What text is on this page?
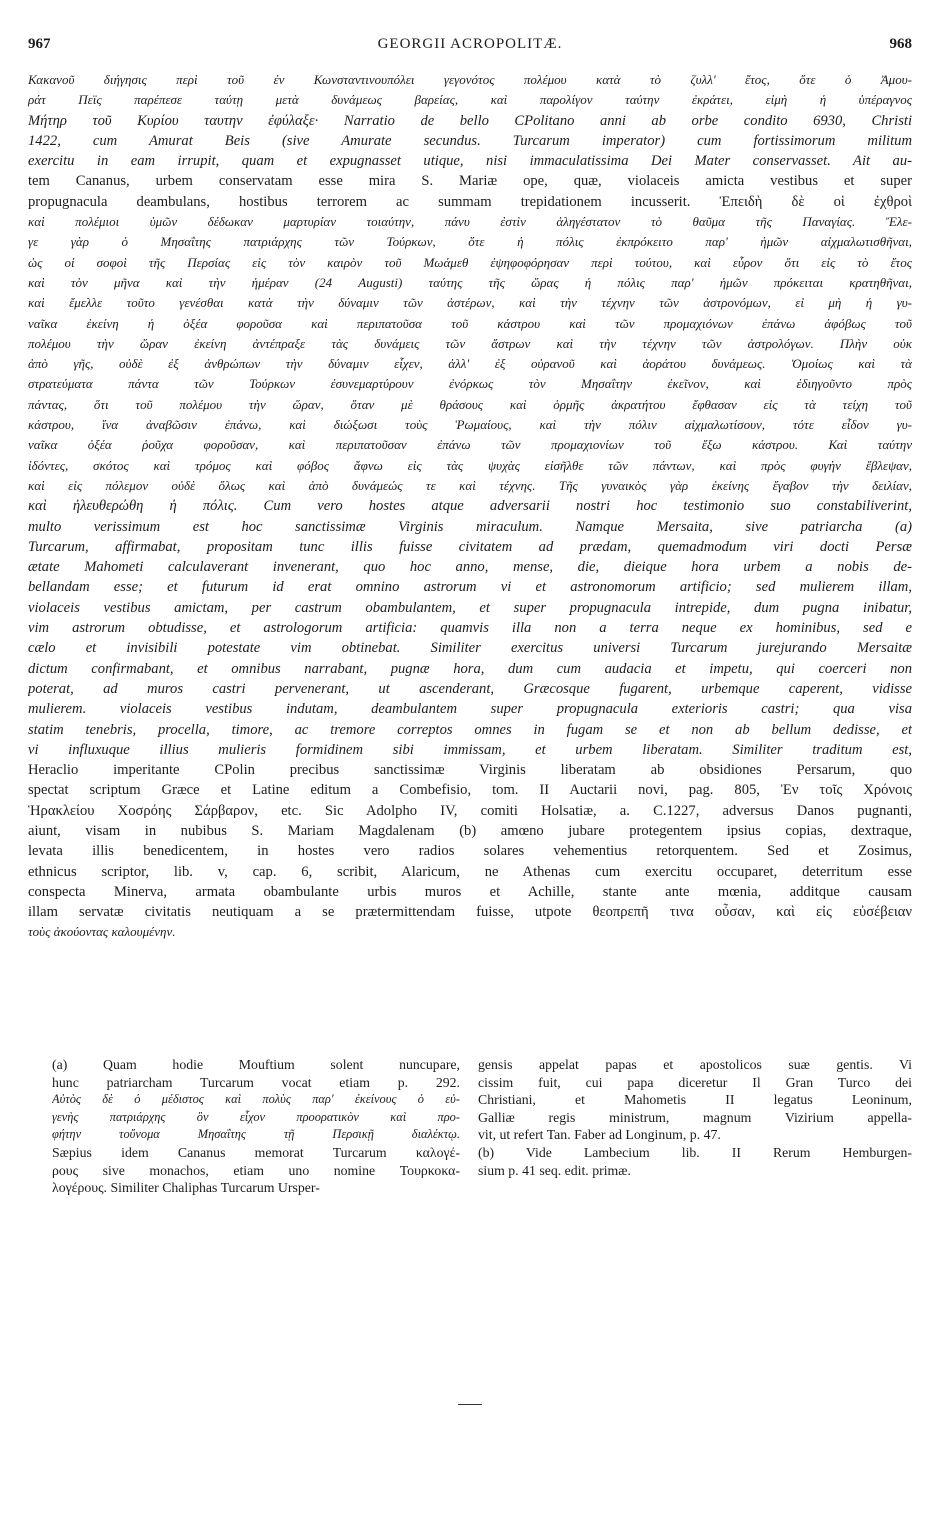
967	GEORGII ACROPOLITÆ.	968
Κακανοῦ διήγησις περὶ τοῦ ἐν Κωνσταντινουπόλει γεγονότος πολέμου κατὰ τὸ ζυλλ' ἔτος, ὅτε ὁ Ἀμου-
ράτ Πεϊς παρέπεσε ταύτῃ μετὰ δυνάμεως βαρείας, καὶ παρολίγον ταύτην ἐκράτει, εἰμὴ ἡ ὑπέραγνος
Μήτηρ τοῦ Κυρίου ταυτην ἐφύλαξε· Narratio de bello CPolitano anni ab orbe condito 6930, Christi
1422, cum Amurat Beis (sive Amurate secundus. Turcarum imperator) cum fortissimorum militum
exercitu in eam irrupit, quam et expugnasset utique, nisi immaculatissima Dei Mater conservasset. Ait au-
tem Cananus, urbem conservatam esse mira S. Mariæ ope, quæ, violaceis amicta vestibus et super
propugnacula deambulans, hostibus terrorem ac summam trepidationem incusserit. Ἐπειδὴ δὲ οἱ ἐχθροὶ
καὶ πολέμιοι ὑμῶν δέδωκαν μαρτυρίαν τοιαύτην, πάνυ ἐστὶν ἀληγέστατον τὸ θαῦμα τῆς Παναγίας. Ἔλε-
γε γὰρ ὁ Μησαΐτης πατριάρχης τῶν Τούρκων, ὅτε ἡ πόλις ἐκπρόκειτο παρ' ἡμῶν αἰχμαλωτισθῆναι,
ὡς οἱ σοφοὶ τῆς Περσίας εἰς τὸν καιρὸν τοῦ Μωάμεθ ἐψηφοφόρησαν περὶ τούτου, καὶ εὗρον ὅτι εἰς τὸ ἔτος
καὶ τὸν μῆνα καὶ τὴν ἡμέραν (24 Augusti) ταύτης τῆς ὥρας ἡ πόλις παρ' ἡμῶν πρόκειται κρατηθῆναι,
καὶ ἔμελλε τοῦτο γενέσθαι κατὰ τὴν δύναμιν τῶν ἀστέρων, καὶ τὴν τέχνην τῶν ἀστρονόμων, εἰ μὴ ἡ γυ-
ναῖκα ἐκείνη ἡ ὀξέα φοροῦσα καὶ περιπατοῦσα τοῦ κάστρου καὶ τῶν προμαχιόνων ἐπάνω ἀφόβως τοῦ
πολέμου τὴν ὥραν ἐκείνη ἀντέπραξε τὰς δυνάμεις τῶν ἄστρων καὶ τὴν τέχνην τῶν ἀστρολόγων. Πλὴν οὐκ
ἀπὸ γῆς, οὐδὲ ἐξ ἀνθρώπων τὴν δύναμιν εἶχεν, ἀλλ' ἐξ οὐρανοῦ καὶ ἀοράτου δυνάμεως. Ὁμοίως καὶ τὰ
στρατεύματα πάντα τῶν Τούρκων ἐσυνεμαρτύρουν ἐνόρκως τὸν Μησαΐτην ἐκεῖνον, καὶ ἐδιηγοῦντο πρὸς
πάντας, ὅτι τοῦ πολέμου τὴν ὥραν, ὅταν μὲ θράσους καὶ ὁρμῆς ἀκρατήτου ἔφθασαν εἰς τὰ τείχη τοῦ
κάστρου, ἵνα ἀναβῶσιν ἐπάνω, καὶ διώξωσι τοὺς Ῥωμαίους, καὶ τὴν πόλιν αἰχμαλωτίσουν, τότε εἶδον γυ-
ναῖκα ὀξέα ῥοῦχα φοροῦσαν, καὶ περιπατοῦσαν ἐπάνω τῶν προμαχιονίων τοῦ ἔξω κάστρου. Καὶ ταύτην
ἰδόντες, σκότος καὶ τρόμος καὶ φόβος ἄφνω εἰς τὰς ψυχὰς εἰσῆλθε τῶν πάντων, καὶ πρὸς φυγὴν ἔβλεψαν,
καὶ εἰς πόλεμον οὐδὲ ὅλως καὶ ἀπὸ δυνάμεώς τε καὶ τέχνης. Τῆς γυναικὸς γὰρ ἐκείνης ἔγαβον τὴν δειλίαν,
καὶ ἠλευθερώθη ἡ πόλις. Cum vero hostes atque adversarii nostri hoc testimonio suo constabiliverint,
multo verissimum est hoc sanctissimæ Virginis miraculum. Namque Mersaita, sive patriarcha (a)
Turcarum, affirmabat, propositam tunc illis fuisse civitatem ad prædam, quemadmodum viri docti Persæ
ætate Mahometi calculaverant invenerant, quo hoc anno, mense, die, dieique hora urbem a nobis de-
bellandam esse; et futurum id erat omnino astrorum vi et astronomorum artificio; sed mulierem illam,
violaceis vestibus amictam, per castrum obambulantem, et super propugnacula intrepide, dum pugna inibatur,
vim astrorum obtudisse, et astrologorum artificia: quamvis illa non a terra neque ex hominibus, sed e
cælo et invisibili potestate vim obtinebat. Similiter exercitus universi Turcarum jurejurando Mersaitæ
dictum confirmabant, et omnibus narrabant, pugnæ hora, dum cum audacia et impetu, qui coerceri non
poterat, ad muros castri pervenerant, ut ascenderant, Græcosque fugarent, urbemque caperent, vidisse
mulierem. violaceis vestibus indutam, deambulantem super propugnacula exterioris castri; qua visa
statim tenebris, procella, timore, ac tremore correptos omnes in fugam se et non ab bellum dedisse, et
vi influxuque illius mulieris formidinem sibi immissam, et urbem liberatam. Similiter traditum est,
Heraclio imperitante CPolin precibus sanctissimæ Virginis liberatam ab obsidiones Persarum, quo
spectat scriptum Græce et Latine editum a Combefisio, tom. II Auctarii novi, pag. 805, Ἐν τοῖς Χρόνοις
Ἡρακλείου Χοσρόης Σάρβαρον, etc. Sic Adolpho IV, comiti Holsatiæ, a. C.1227, adversus Danos pugnanti,
aiunt, visam in nubibus S. Mariam Magdalenam (b) amœno jubare protegentem ipsius copias, dextraque,
levata illis benedicentem, in hostes vero radios solares vehementius retorquentem. Sed et Zosimus,
ethnicus scriptor, lib. v, cap. 6, scribit, Alaricum, ne Athenas cum exercitu occuparet, deterritum esse
conspecta Minerva, armata obambulante urbis muros et Achille, stante ante mœnia, additque causam
illam servatæ civitatis neutiquam a se prætermittendam fuisse, utpote θεοπρεπῆ τινα οὖσαν, καὶ εἰς εὐσέβειαν
τοὺς ἀκούοντας καλουμένην.
(a) Quam hodie Mouftium solent nuncupare,
hunc patriarcham Turcarum vocat etiam p. 292.
Αὐτὸς δὲ ὁ μέδιστος καὶ πολὺς παρ' ἐκείνους ὁ εὐ-
γενὴς πατριάρχης ὃν εἶχον προορατικὸν καὶ προ-
φήτην τοὔνομα Μησαΐτης τῇ Περσικῇ διαλέκτῳ.
Sæpius idem Cananus memorat Turcarum καλογέ-
ρους sive monachos, etiam uno nomine Τουρκοκα-
λογέρους. Similiter Chaliphas Turcarum Ursper-
gensis appelat papas et apostolicos suæ gentis. Vi
cissim fuit, cui papa diceretur Il Gran Turco dei
Christiani, et Mahometis II legatus Leoninum,
Galliæ regis ministrum, magnum Vizirium appella-
vit, ut refert Tan. Faber ad Longinum, p. 47.
(b) Vide Lambecium lib. II Rerum Hemburgen-
sium p. 41 seq. edit. primæ.
